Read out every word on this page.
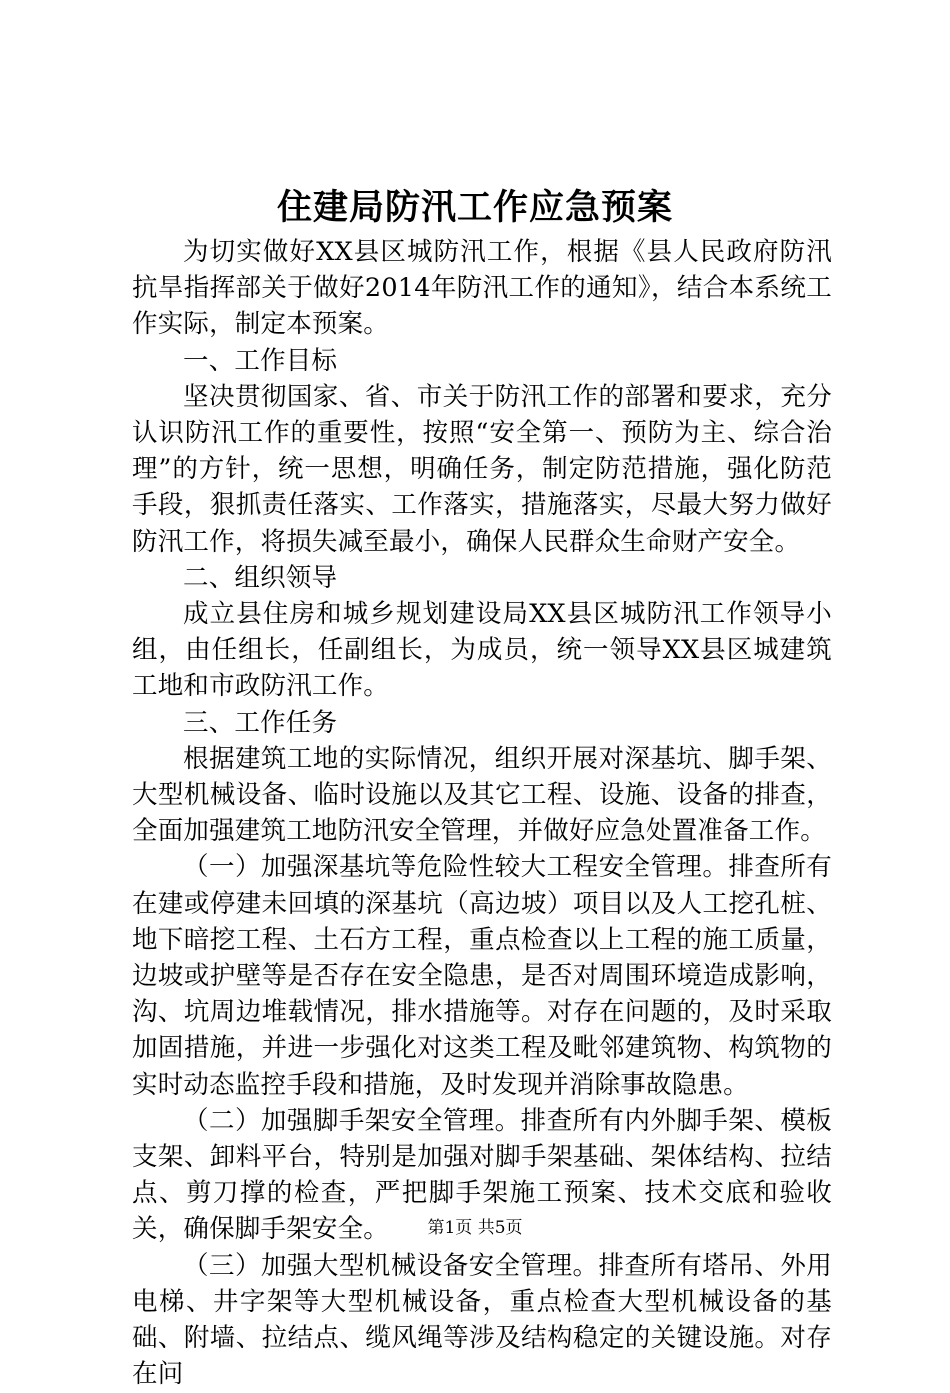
住建局防汛工作应急预案

为切实做好XX县区城防汛工作，根据《县人民政府防汛抗旱指挥部关于做好2014年防汛工作的通知》，结合本系统工作实际，制定本预案。

一、工作目标

坚决贯彻国家、省、市关于防汛工作的部署和要求，充分认识防汛工作的重要性，按照“安全第一、预防为主、综合治理”的方针，统一思想，明确任务，制定防范措施，强化防范手段，狠抓责任落实、工作落实，措施落实，尽最大努力做好防汛工作，将损失减至最小，确保人民群众生命财产安全。

二、组织领导

成立县住房和城乡规划建设局XX县区城防汛工作领导小组，由任组长，任副组长，为成员，统一领导XX县区城建筑工地和市政防汛工作。

三、工作任务

根据建筑工地的实际情况，组织开展对深基坑、脚手架、大型机械设备、临时设施以及其它工程、设施、设备的排查，全面加强建筑工地防汛安全管理，并做好应急处置准备工作。

（一）加强深基坑等危险性较大工程安全管理。排查所有在建或停建未回填的深基坑（高边坡）项目以及人工挖孔桩、地下暗挖工程、土石方工程，重点检查以上工程的施工质量，边坡或护壁等是否存在安全隐患，是否对周围环境造成影响，沟、坑周边堆载情况，排水措施等。对存在问题的，及时采取加固措施，并进一步强化对这类工程及毗邻建筑物、构筑物的实时动态监控手段和措施，及时发现并消除事故隐患。

（二）加强脚手架安全管理。排查所有内外脚手架、模板支架、卸料平台，特别是加强对脚手架基础、架体结构、拉结点、剪刀撑的检查，严把脚手架施工预案、技术交底和验收关，确保脚手架安全。

（三）加强大型机械设备安全管理。排查所有塔吊、外用电梯、井字架等大型机械设备，重点检查大型机械设备的基础、附墙、拉结点、缆风绳等涉及结构稳定的关键设施。对存在问

第1页 共5页
